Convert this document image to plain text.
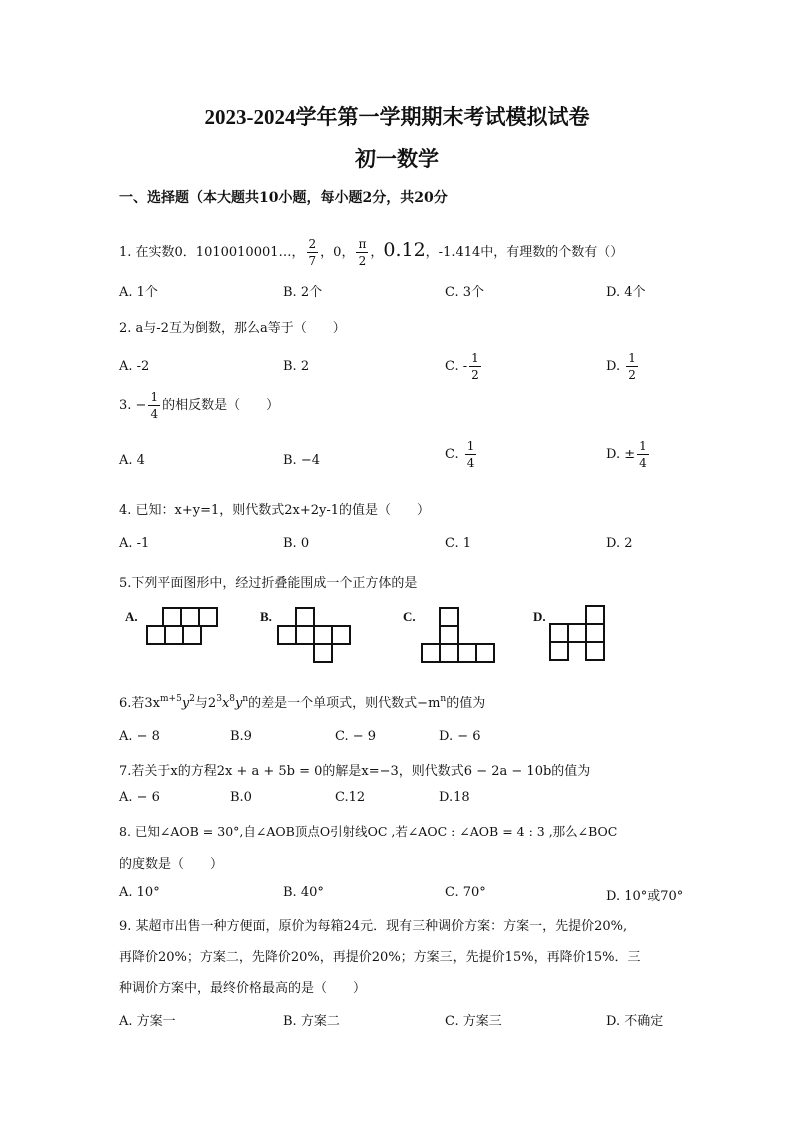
2023-2024学年第一学期期末考试模拟试卷
初一数学
一、选择题（本大题共10小题，每小题2分，共20分
1. 在实数0．1010010001…， $\frac{2}{7}$ ，0， $\frac{\pi}{2}$ ，0.12，-1.414中，有理数的个数有（）
A. 1个	B. 2个	C. 3个	D. 4个
2. a与-2互为倒数，那么a等于（　　）
A. -2	B. 2	C. - $\frac{1}{2}$	D. $\frac{1}{2}$
3. − $\frac{1}{4}$ 的相反数是（　　）
A. 4	B. −4	C. $\frac{1}{4}$	D. ± $\frac{1}{4}$
4. 已知：x+y=1，则代数式2x+2y-1的值是（　　）
A. -1	B. 0	C. 1	D. 2
5.下列平面图形中，经过折叠能围成一个正方体的是
A.	B.	C.	D.
6.若$3x^{m+5}y^2$与$2^3x^8y^n$的差是一个单项式，则代数式$-m^n$的值为
A. − 8	B.9	C. − 9	D. − 6
7.若关于x的方程2x + a + 5b = 0的解是x=−3，则代数式6 − 2a − 10b的值为
A. − 6	B.0	C.12	D.18
8. 已知∠AOB = 30°,自∠AOB顶点O引射线OC ,若∠AOC : ∠AOB = 4 : 3 ,那么∠BOC
的度数是（　　）
A. 10°	B. 40°	C. 70°	D. 10°或70°
9. 某超市出售一种方便面，原价为每箱24元．现有三种调价方案：方案一，先提价20%,
再降价20%；方案二，先降价20%，再提价20%；方案三，先提价15%，再降价15%．三
种调价方案中，最终价格最高的是（　　）
A. 方案一	B. 方案二	C. 方案三	D. 不确定
